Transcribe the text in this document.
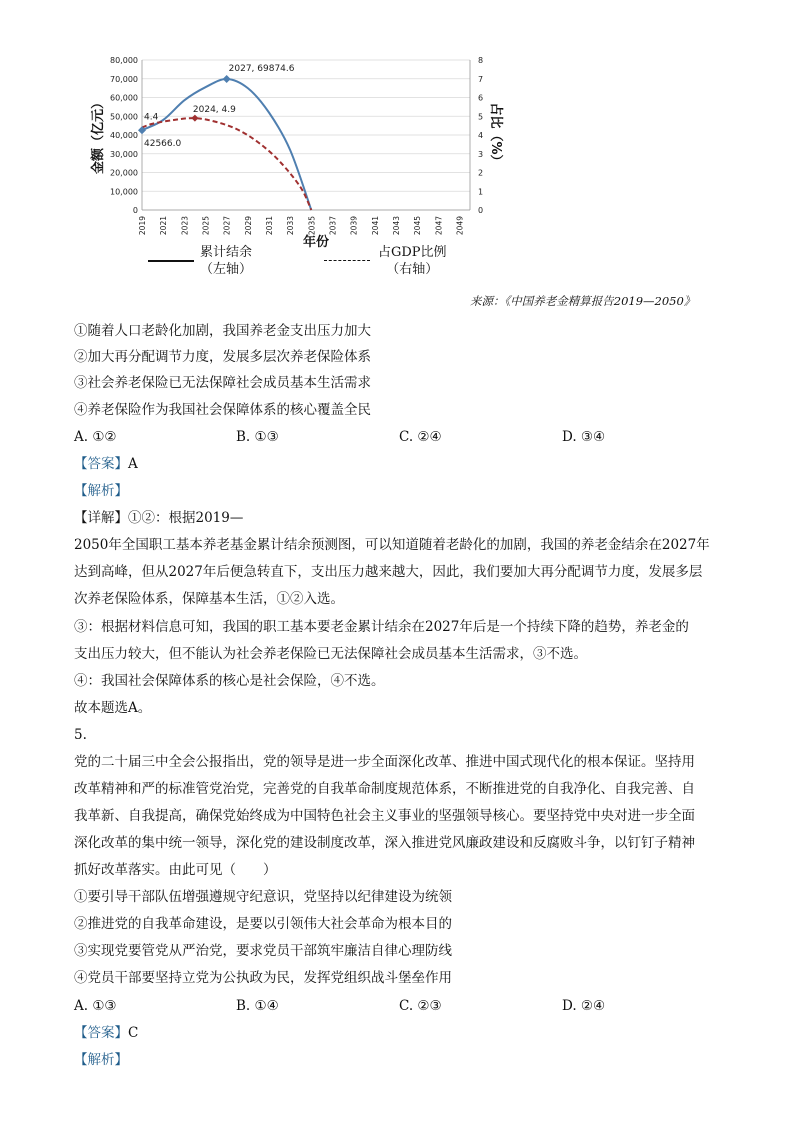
0
10,000
20,000
30,000
40,000
50,000
60,000
70,000
80,000
0
1
2
3
4
5
6
7
8
2019 2021 2023 2025 2027 2029 2031 2033 2035 2037 2039 2041 2043 2045 2047 2049
年份
金额（亿元）	占比（%）
4.4
2024, 4.9
2027, 69874.6
42566.0
累计结余
（左轴）
占GDP比例
（右轴）
来源：《中国养老金精算报告2019—2050》
①随着人口老龄化加剧，我国养老金支出压力加大
②加大再分配调节力度，发展多层次养老保险体系
③社会养老保险已无法保障社会成员基本生活需求
④养老保险作为我国社会保障体系的核心覆盖全民
A. ①②	B. ①③	C. ②④	D. ③④
【答案】A
【解析】
【详解】①②：根据2019—
2050年全国职工基本养老基金累计结余预测图，可以知道随着老龄化的加剧，我国的养老金结余在2027年
达到高峰，但从2027年后便急转直下，支出压力越来越大，因此，我们要加大再分配调节力度，发展多层
次养老保险体系，保障基本生活，①②入选。
③：根据材料信息可知，我国的职工基本要老金累计结余在2027年后是一个持续下降的趋势，养老金的
支出压力较大，但不能认为社会养老保险已无法保障社会成员基本生活需求，③不选。
④：我国社会保障体系的核心是社会保险，④不选。
故本题选A。
5.
党的二十届三中全会公报指出，党的领导是进一步全面深化改革、推进中国式现代化的根本保证。坚持用
改革精神和严的标准管党治党，完善党的自我革命制度规范体系，不断推进党的自我净化、自我完善、自
我革新、自我提高，确保党始终成为中国特色社会主义事业的坚强领导核心。要坚持党中央对进一步全面
深化改革的集中统一领导，深化党的建设制度改革，深入推进党风廉政建设和反腐败斗争，以钉钉子精神
抓好改革落实。由此可见（　　）
①要引导干部队伍增强遵规守纪意识，党坚持以纪律建设为统领
②推进党的自我革命建设，是要以引领伟大社会革命为根本目的
③实现党要管党从严治党，要求党员干部筑牢廉洁自律心理防线
④党员干部要坚持立党为公执政为民，发挥党组织战斗堡垒作用
A. ①③	B. ①④	C. ②③	D. ②④
【答案】C
【解析】
